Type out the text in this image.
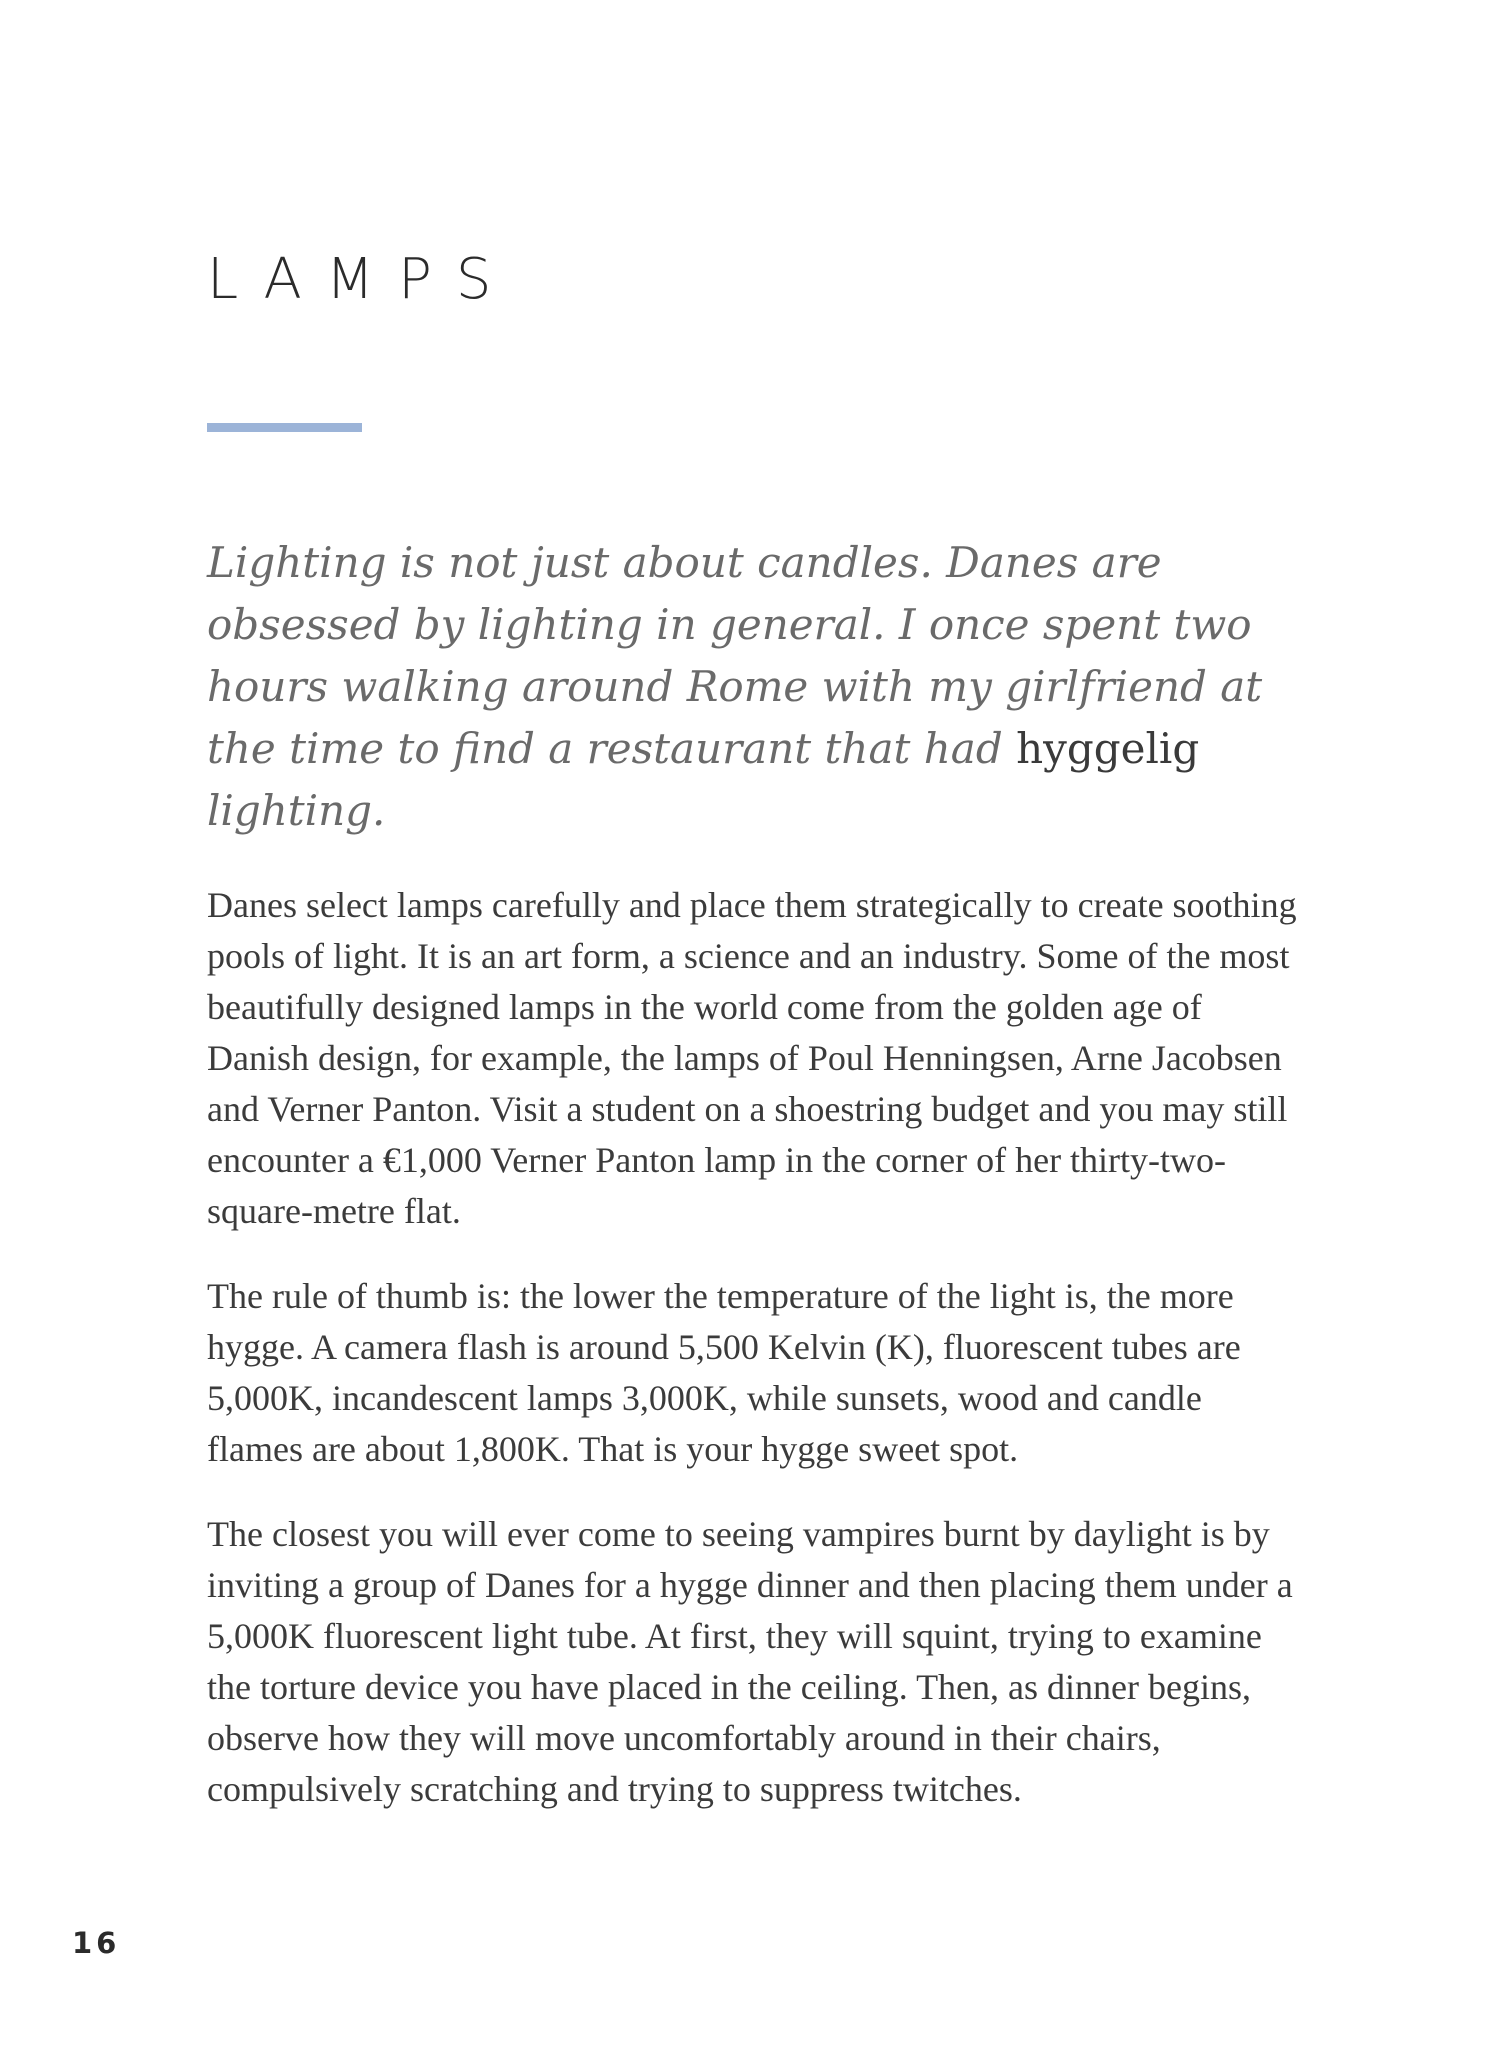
LAMPS

Lighting is not just about candles. Danes are obsessed by lighting in general. I once spent two hours walking around Rome with my girlfriend at the time to find a restaurant that had hyggelig lighting.

Danes select lamps carefully and place them strategically to create soothing pools of light. It is an art form, a science and an industry. Some of the most beautifully designed lamps in the world come from the golden age of Danish design, for example, the lamps of Poul Henningsen, Arne Jacobsen and Verner Panton. Visit a student on a shoestring budget and you may still encounter a €1,000 Verner Panton lamp in the corner of her thirty-two-square-metre flat.

The rule of thumb is: the lower the temperature of the light is, the more hygge. A camera flash is around 5,500 Kelvin (K), fluorescent tubes are 5,000K, incandescent lamps 3,000K, while sunsets, wood and candle flames are about 1,800K. That is your hygge sweet spot.

The closest you will ever come to seeing vampires burnt by daylight is by inviting a group of Danes for a hygge dinner and then placing them under a 5,000K fluorescent light tube. At first, they will squint, trying to examine the torture device you have placed in the ceiling. Then, as dinner begins, observe how they will move uncomfortably around in their chairs, compulsively scratching and trying to suppress twitches.

16
